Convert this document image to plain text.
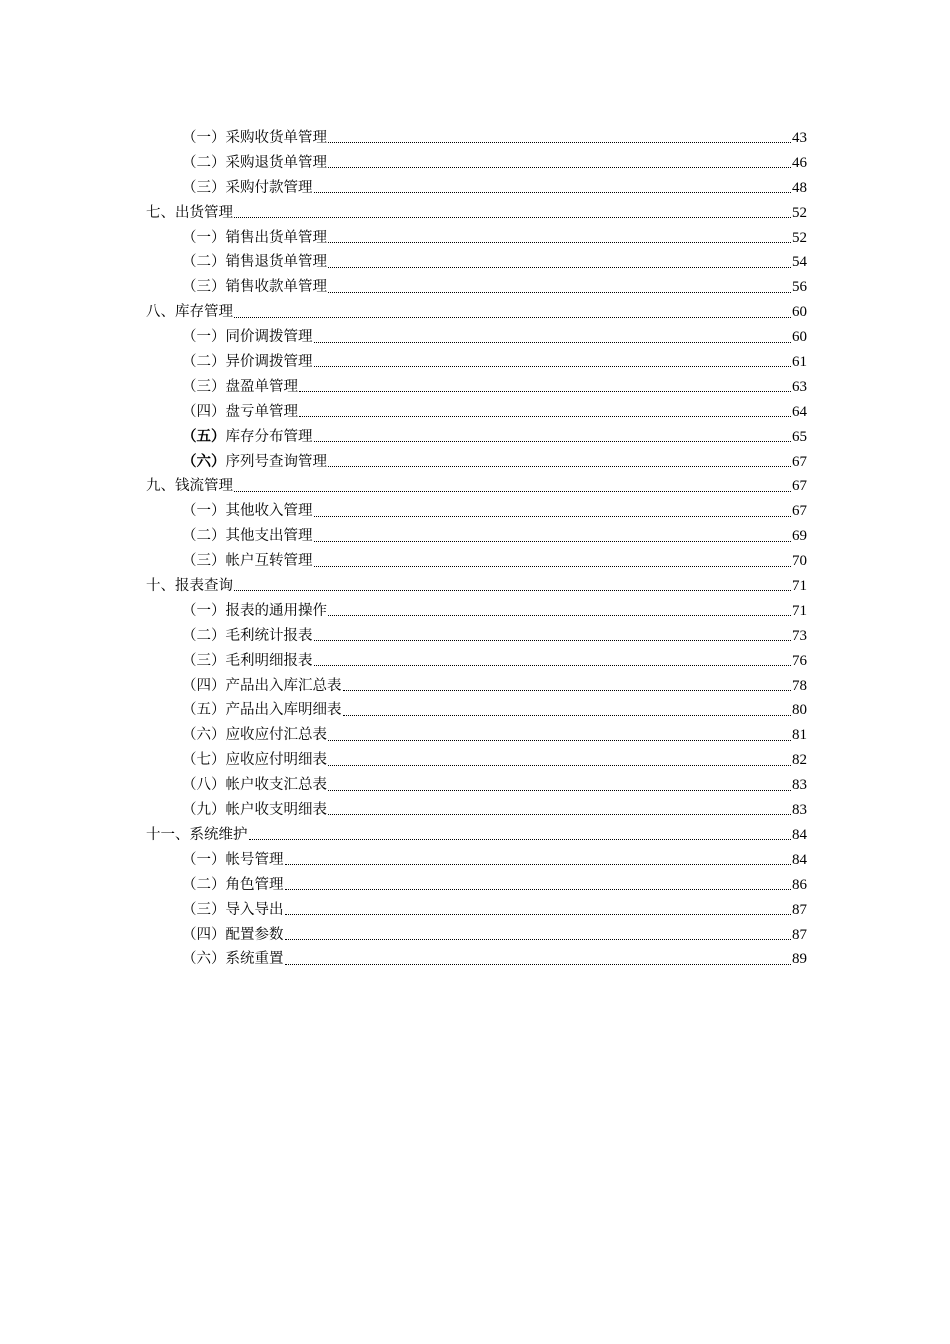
（一） 采购收货单管理	43
（二） 采购退货单管理	46
（三） 采购付款管理	48
七、 出货管理	52
（一） 销售出货单管理	52
（二） 销售退货单管理	54
（三） 销售收款单管理	56
八、 库存管理	60
（一） 同价调拨管理	60
（二） 异价调拨管理	61
（三） 盘盈单管理	63
（四） 盘亏单管理	64
（五） 库存分布管理	65
（六） 序列号查询管理	67
九、 钱流管理	67
（一） 其他收入管理	67
（二） 其他支出管理	69
（三） 帐户互转管理	70
十、 报表查询	71
（一） 报表的通用操作	71
（二） 毛利统计报表	73
（三） 毛利明细报表	76
（四） 产品出入库汇总表	78
（五） 产品出入库明细表	80
（六） 应收应付汇总表	81
（七） 应收应付明细表	82
（八） 帐户收支汇总表	83
（九） 帐户收支明细表	83
十一、 系统维护	84
（一） 帐号管理	84
（二） 角色管理	86
（三） 导入导出	87
（四） 配置参数	87
（六） 系统重置	89
